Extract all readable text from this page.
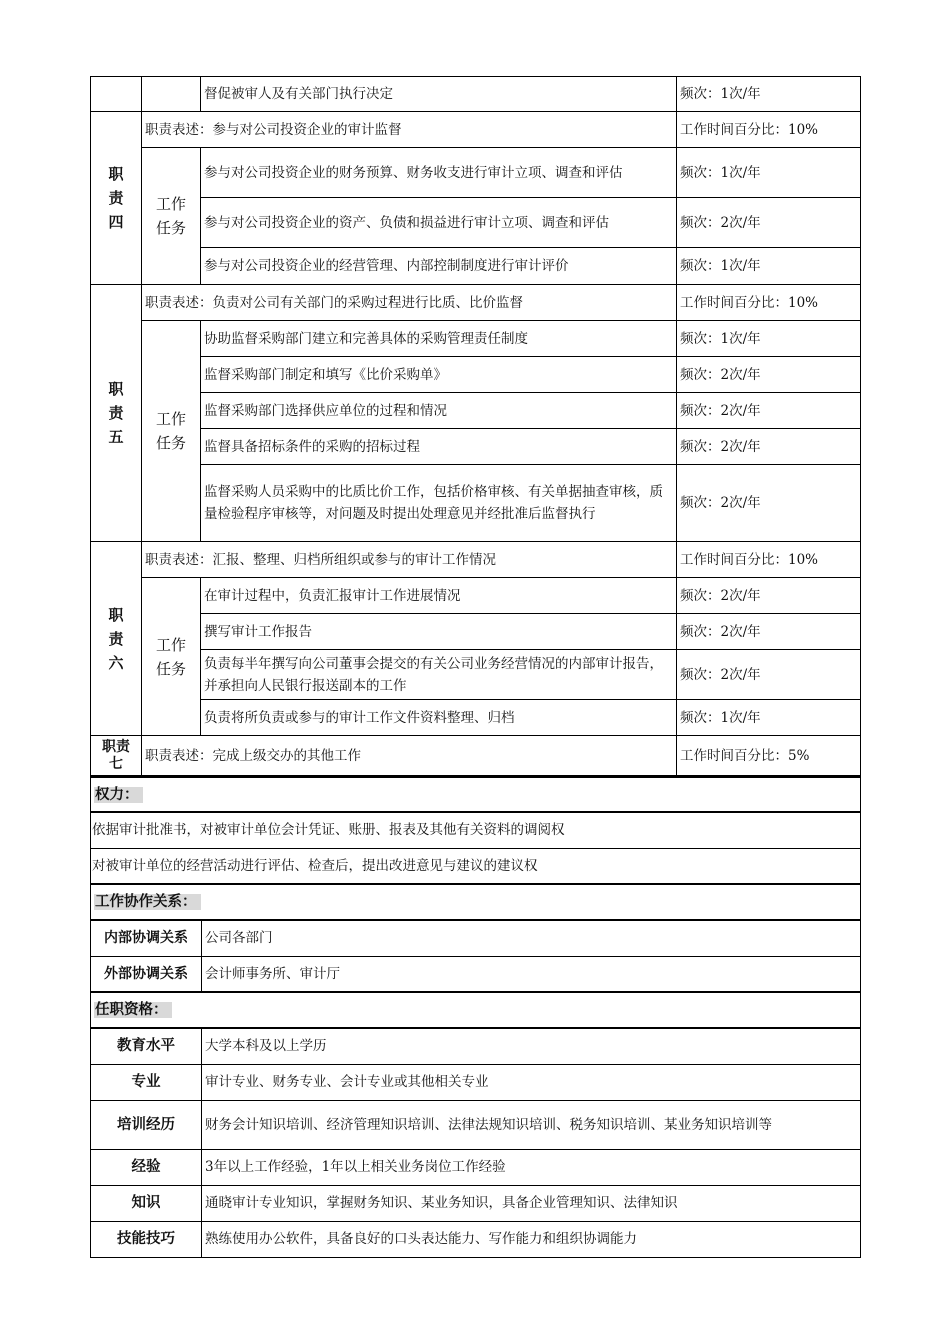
		督促被审人及有关部门执行决定	频次：1次/年

职
责
四	职责表述：参与对公司投资企业的审计监督		工作时间百分比：10%

	工作
任务	参与对公司投资企业的财务预算、财务收支进行审计立项、调查和评估	频次：1次/年
		参与对公司投资企业的资产、负债和损益进行审计立项、调查和评估	频次：2次/年
		参与对公司投资企业的经营管理、内部控制制度进行审计评价	频次：1次/年

职
责
五	职责表述：负责对公司有关部门的采购过程进行比质、比价监督		工作时间百分比：10%

	工作
任务	协助监督采购部门建立和完善具体的采购管理责任制度	频次：1次/年
		监督采购部门制定和填写《比价采购单》	频次：2次/年
		监督采购部门选择供应单位的过程和情况	频次：2次/年
		监督具备招标条件的采购的招标过程	频次：2次/年
		监督采购人员采购中的比质比价工作，包括价格审核、有关单据抽查审核，质量检验程序审核等，对问题及时提出处理意见并经批准后监督执行	频次：2次/年

职
责
六	职责表述：汇报、整理、归档所组织或参与的审计工作情况		工作时间百分比：10%

	工作
任务	在审计过程中，负责汇报审计工作进展情况	频次：2次/年
		撰写审计工作报告	频次：2次/年
		负责每半年撰写向公司董事会提交的有关公司业务经营情况的内部审计报告，并承担向人民银行报送副本的工作	频次：2次/年
		负责将所负责或参与的审计工作文件资料整理、归档	频次：1次/年

职责
七	职责表述：完成上级交办的其他工作		工作时间百分比：5%
权力：	
依据审计批准书，对被审计单位会计凭证、账册、报表及其他有关资料的调阅权	
对被审计单位的经营活动进行评估、检查后，提出改进意见与建议的建议权	
工作协作关系：	
内部协调关系	公司各部门
外部协调关系	会计师事务所、审计厅
任职资格：	
教育水平	大学本科及以上学历
专业	审计专业、财务专业、会计专业或其他相关专业
培训经历	财务会计知识培训、经济管理知识培训、法律法规知识培训、税务知识培训、某业务知识培训等
经验	3年以上工作经验，1年以上相关业务岗位工作经验
知识	通晓审计专业知识，掌握财务知识、某业务知识，具备企业管理知识、法律知识
技能技巧	熟练使用办公软件，具备良好的口头表达能力、写作能力和组织协调能力
